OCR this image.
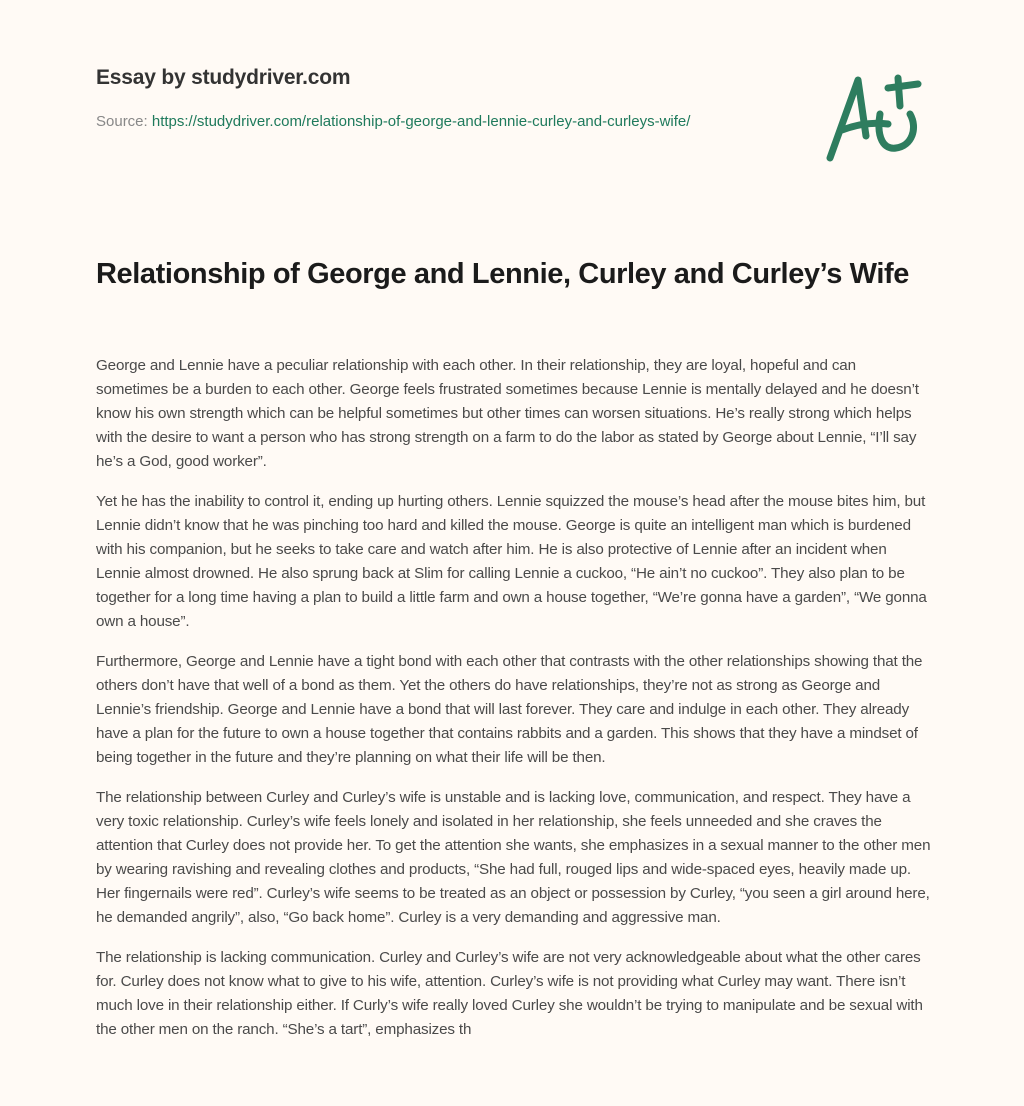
Essay by studydriver.com
Source: https://studydriver.com/relationship-of-george-and-lennie-curley-and-curleys-wife/
Relationship of George and Lennie, Curley and Curley’s Wife

George and Lennie have a peculiar relationship with each other. In their relationship, they are loyal, hopeful and can sometimes be a burden to each other. George feels frustrated sometimes because Lennie is mentally delayed and he doesn’t know his own strength which can be helpful sometimes but other times can worsen situations. He’s really strong which helps with the desire to want a person who has strong strength on a farm to do the labor as stated by George about Lennie, “I’ll say he’s a God, good worker”.

Yet he has the inability to control it, ending up hurting others. Lennie squizzed the mouse’s head after the mouse bites him, but Lennie didn’t know that he was pinching too hard and killed the mouse. George is quite an intelligent man which is burdened with his companion, but he seeks to take care and watch after him. He is also protective of Lennie after an incident when Lennie almost drowned. He also sprung back at Slim for calling Lennie a cuckoo, “He ain’t no cuckoo”. They also plan to be together for a long time having a plan to build a little farm and own a house together, “We’re gonna have a garden”, “We gonna own a house”.

Furthermore, George and Lennie have a tight bond with each other that contrasts with the other relationships showing that the others don’t have that well of a bond as them. Yet the others do have relationships, they’re not as strong as George and Lennie’s friendship. George and Lennie have a bond that will last forever. They care and indulge in each other. They already have a plan for the future to own a house together that contains rabbits and a garden. This shows that they have a mindset of being together in the future and they’re planning on what their life will be then.

The relationship between Curley and Curley’s wife is unstable and is lacking love, communication, and respect. They have a very toxic relationship. Curley’s wife feels lonely and isolated in her relationship, she feels unneeded and she craves the attention that Curley does not provide her. To get the attention she wants, she emphasizes in a sexual manner to the other men by wearing ravishing and revealing clothes and products, “She had full, rouged lips and wide-spaced eyes, heavily made up. Her fingernails were red”. Curley’s wife seems to be treated as an object or possession by Curley, “you seen a girl around here, he demanded angrily”, also, “Go back home”. Curley is a very demanding and aggressive man.

The relationship is lacking communication. Curley and Curley’s wife are not very acknowledgeable about what the other cares for. Curley does not know what to give to his wife, attention. Curley’s wife is not providing what Curley may want. There isn’t much love in their relationship either. If Curly’s wife really loved Curley she wouldn’t be trying to manipulate and be sexual with the other men on the ranch. “She’s a tart”, emphasizes th
